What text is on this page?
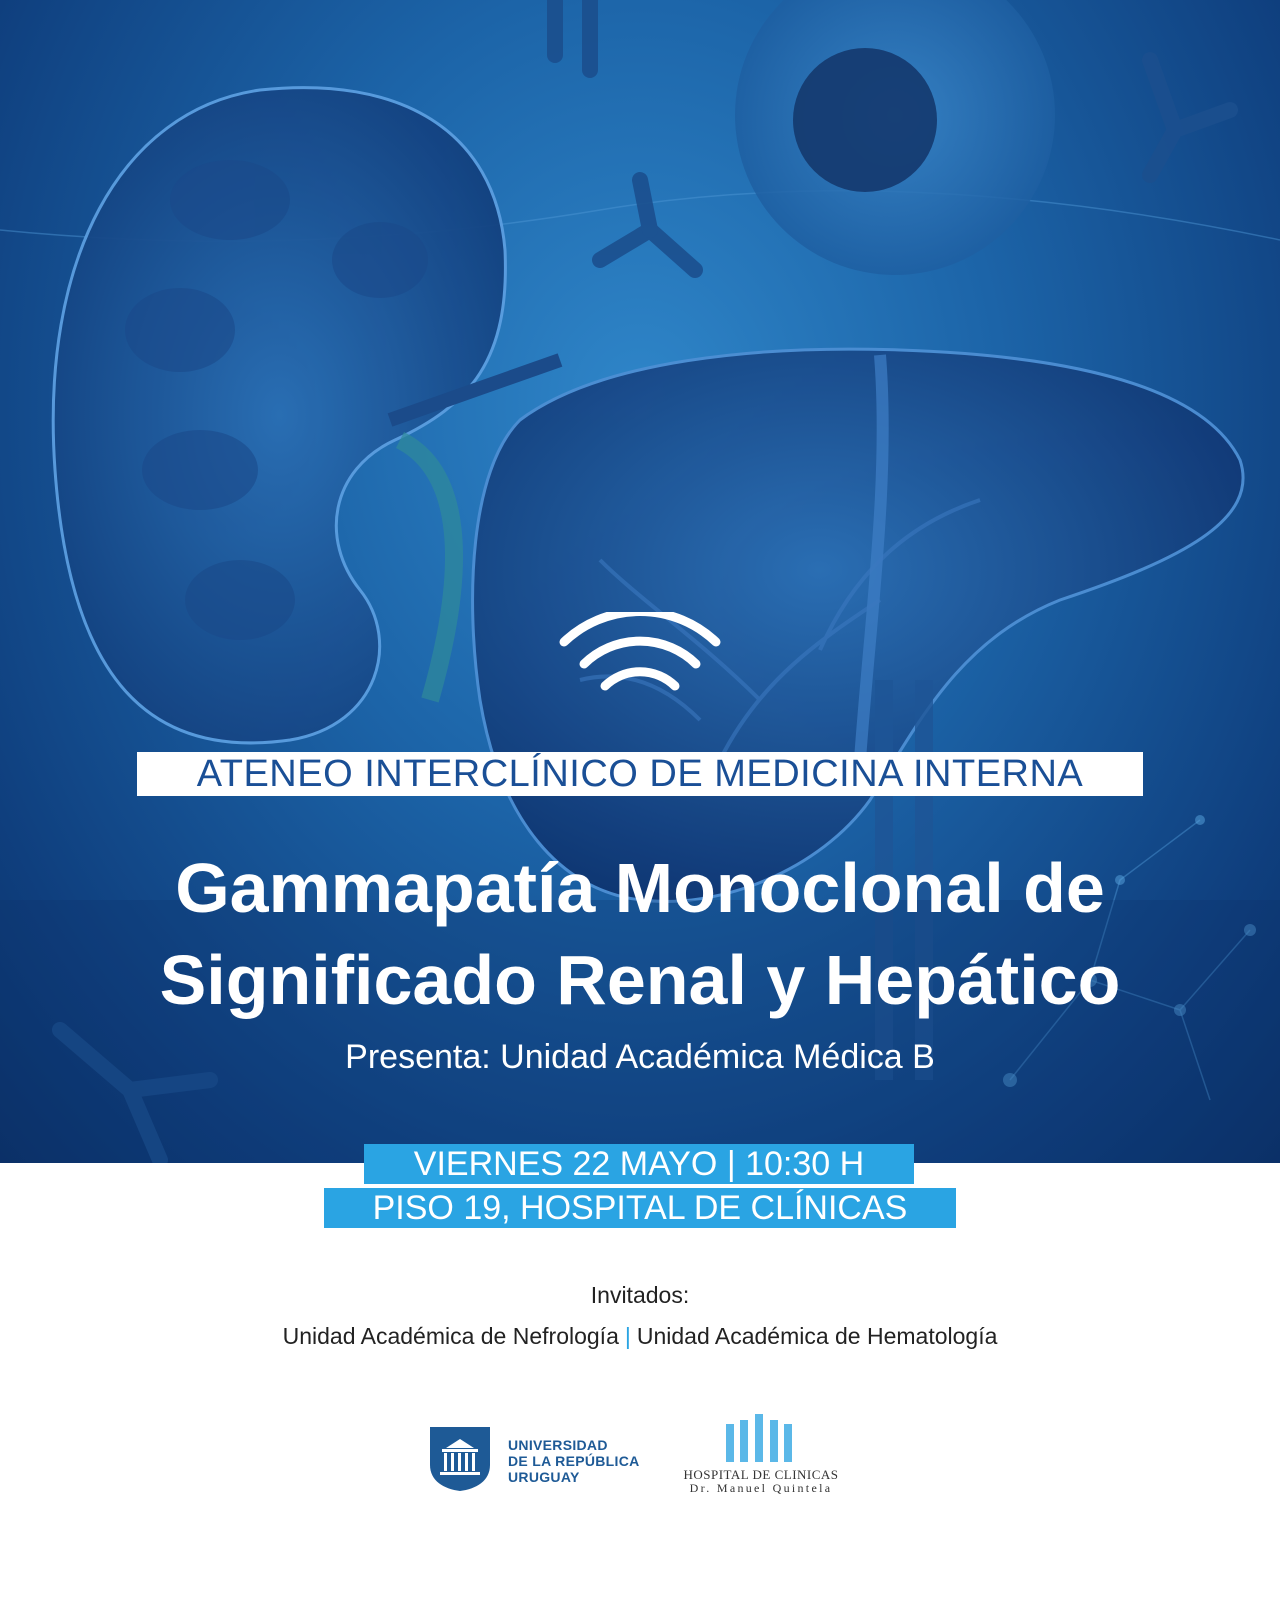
ATENEO INTERCLÍNICO DE MEDICINA INTERNA
Gammapatía Monoclonal de
Significado Renal y Hepático
Presenta: Unidad Académica Médica B
VIERNES 22 MAYO | 10:30 H
PISO 19, HOSPITAL DE CLÍNICAS
Invitados:
Unidad Académica de Nefrología | Unidad Académica de Hematología
UNIVERSIDAD
DE LA REPÚBLICA
URUGUAY	HOSPITAL DE CLINICAS
Dr. Manuel Quintela
